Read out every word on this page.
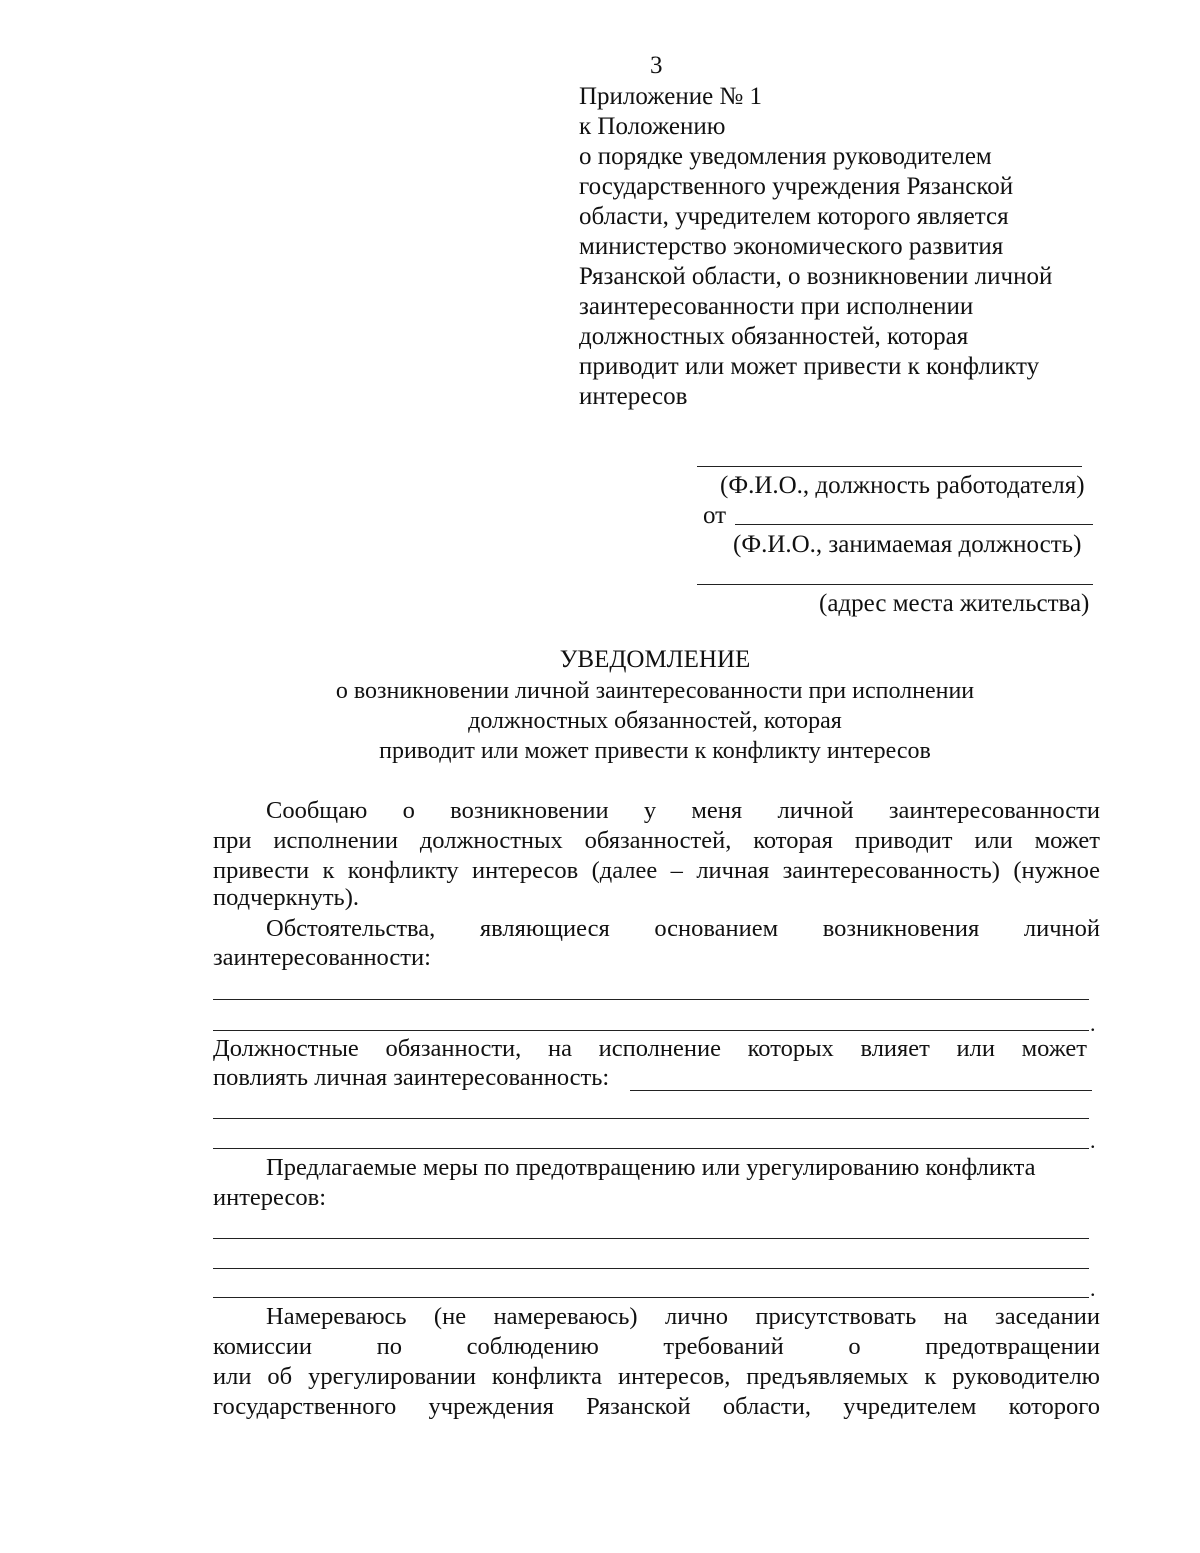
3
Приложение № 1
к Положению
о порядке уведомления руководителем
государственного учреждения Рязанской
области, учредителем которого является
министерство экономического развития
Рязанской области, о возникновении личной
заинтересованности при исполнении
должностных обязанностей, которая
приводит или может привести к конфликту
интересов
(Ф.И.О., должность работодателя)
от
(Ф.И.О., занимаемая должность)
(адрес места жительства)
УВЕДОМЛЕНИЕ
о возникновении личной заинтересованности при исполнении
должностных обязанностей, которая
приводит или может привести к конфликту интересов
Сообщаю о возникновении у меня личной заинтересованности
при исполнении должностных обязанностей, которая приводит или может
привести к конфликту интересов (далее – личная заинтересованность) (нужное
подчеркнуть).
Обстоятельства, являющиеся основанием возникновения личной
заинтересованности:
.
Должностные обязанности, на исполнение которых влияет или может
повлиять личная заинтересованность:
.
Предлагаемые меры по предотвращению или урегулированию конфликта
интересов:
.
Намереваюсь (не намереваюсь) лично присутствовать на заседании
комиссии по соблюдению требований о предотвращении
или об урегулировании конфликта интересов, предъявляемых к руководителю
государственного учреждения Рязанской области, учредителем которого
